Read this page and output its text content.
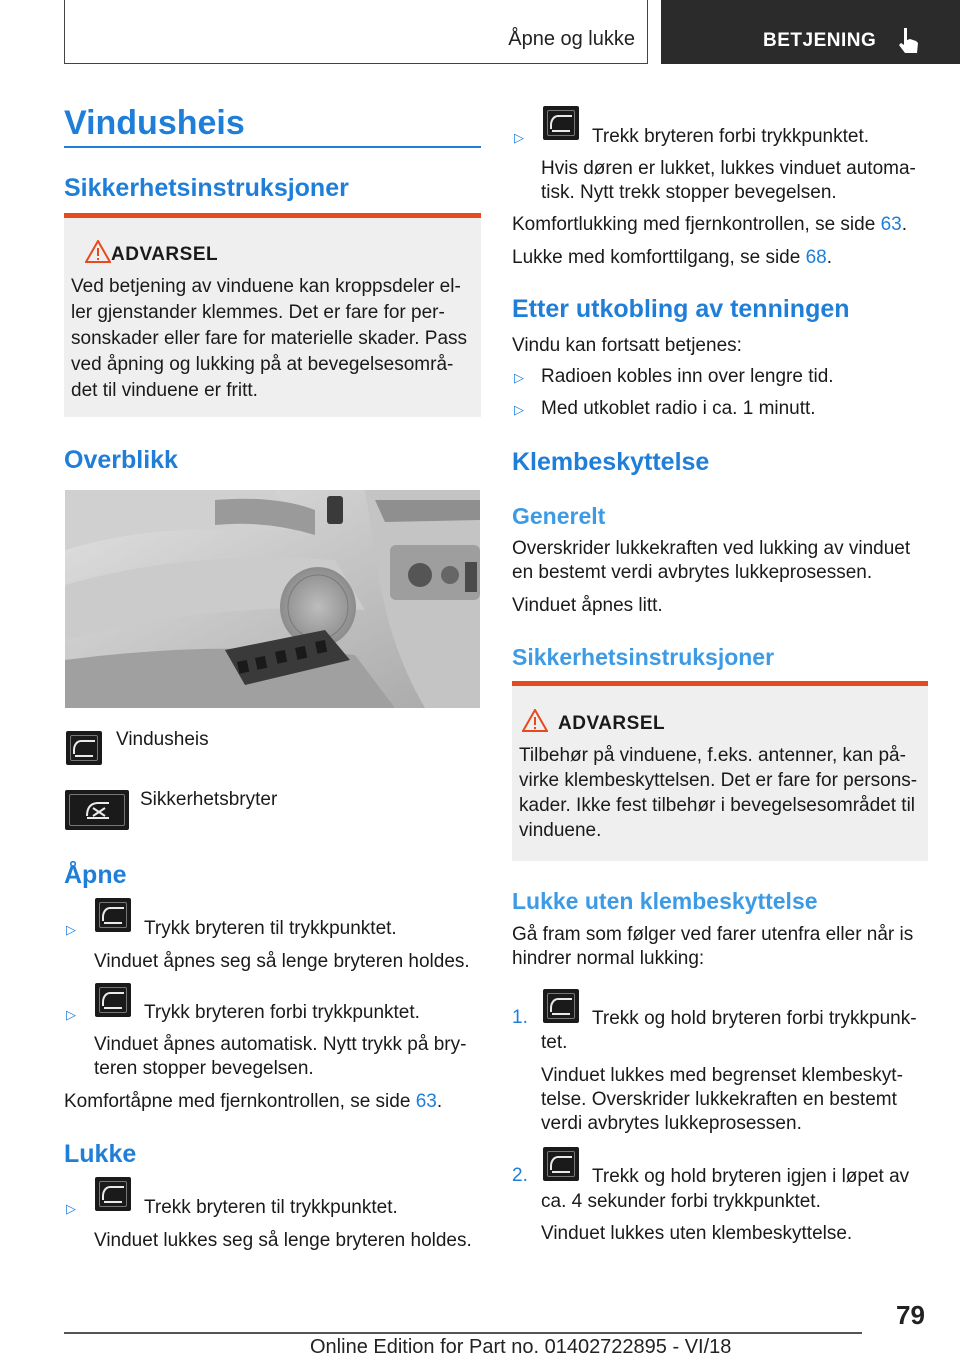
Åpne og lukke	BETJENING
Vindusheis
Sikkerhetsinstruksjoner
ADVARSEL
Ved betjening av vinduene kan kroppsdeler el-
ler gjenstander klemmes. Det er fare for per-
sonskader eller fare for materielle skader. Pass
ved åpning og lukking på at bevegelsesområ-
det til vinduene er fritt.
Overblikk
Vindusheis
Sikkerhetsbryter
Åpne
▷	Trykk bryteren til trykkpunktet.
Vinduet åpnes seg så lenge bryteren holdes.
▷	Trykk bryteren forbi trykkpunktet.
Vinduet åpnes automatisk. Nytt trykk på bry-
teren stopper bevegelsen.
Komfortåpne med fjernkontrollen, se side 63.
Lukke
▷	Trekk bryteren til trykkpunktet.
Vinduet lukkes seg så lenge bryteren holdes.
▷	Trekk bryteren forbi trykkpunktet.
Hvis døren er lukket, lukkes vinduet automa-
tisk. Nytt trekk stopper bevegelsen.
Komfortlukking med fjernkontrollen, se side 63.
Lukke med komforttilgang, se side 68.
Etter utkobling av tenningen
Vindu kan fortsatt betjenes:
▷ Radioen kobles inn over lengre tid.
▷ Med utkoblet radio i ca. 1 minutt.
Klembeskyttelse
Generelt
Overskrider lukkekraften ved lukking av vinduet
en bestemt verdi avbrytes lukkeprosessen.
Vinduet åpnes litt.
Sikkerhetsinstruksjoner
ADVARSEL
Tilbehør på vinduene, f.eks. antenner, kan på-
virke klembeskyttelsen. Det er fare for persons-
kader. Ikke fest tilbehør i bevegelsesområdet til
vinduene.
Lukke uten klembeskyttelse
Gå fram som følger ved farer utenfra eller når is
hindrer normal lukking:
1.	Trekk og hold bryteren forbi trykkpunk-
tet.
Vinduet lukkes med begrenset klembeskyt-
telse. Overskrider lukkekraften en bestemt
verdi avbrytes lukkeprosessen.
2.	Trekk og hold bryteren igjen i løpet av
ca. 4 sekunder forbi trykkpunktet.
Vinduet lukkes uten klembeskyttelse.
79
Online Edition for Part no. 01402722895 - VI/18
